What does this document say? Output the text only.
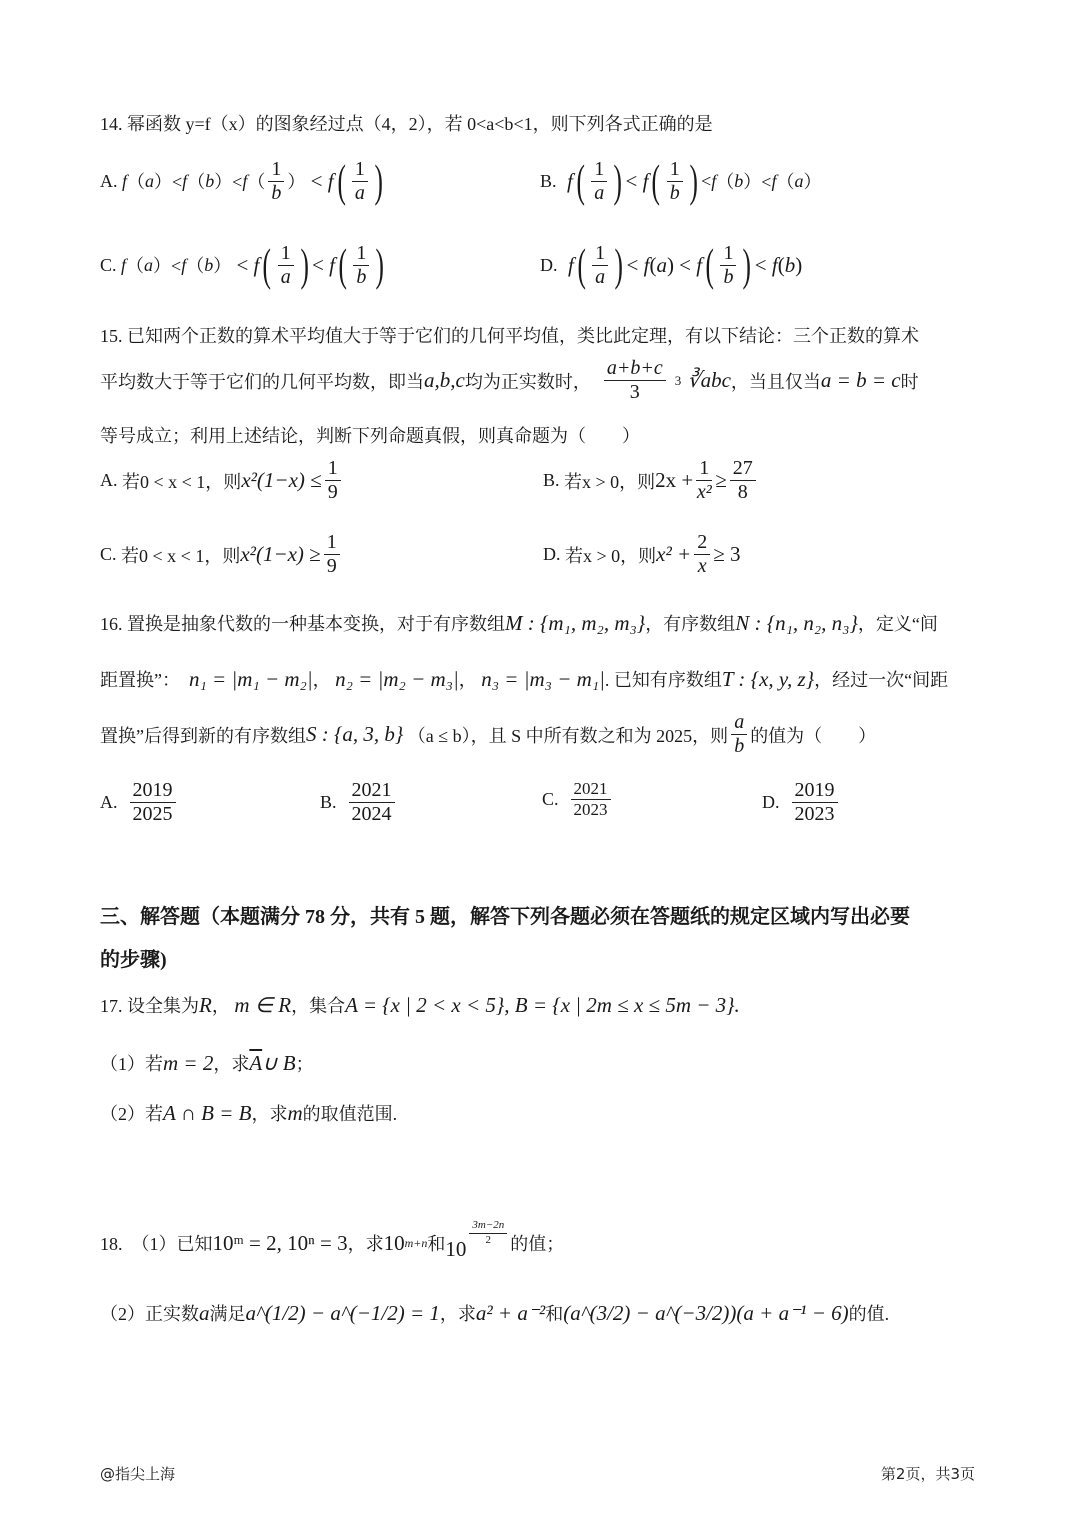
14. 幂函数 y=f（x）的图象经过点（4，2），若 0<a<b<1，则下列各式正确的是
A. f （ a ）< f （ b ）< f （ $\frac{1}{b}$ ） < f ( $\frac{1}{a}$ )	B. f ( $\frac{1}{a}$ ) < f ( $\frac{1}{b}$ ) < f （ b ）< f （ a ）
C. f （ a ）< f （ b ） < f ( $\frac{1}{a}$ ) < f ( $\frac{1}{b}$ )	D. f ( $\frac{1}{a}$ ) < f(a) < f ( $\frac{1}{b}$ ) < f(b)
15. 已知两个正数的算术平均值大于等于它们的几何平均值，类比此定理，有以下结论：三个正数的算术
平均数大于等于它们的几何平均数，即当 a,b,c 均为正实数时， $\frac{a+b+c}{3} 3$ ∛abc ，当且仅当 a = b = c 时
等号成立；利用上述结论，判断下列命题真假，则真命题为（　　）
A.
若0 < x < 1，则 $x^2(1-x) \le \frac{1}{9}$	B.
若x > 0，则 $2x + \frac{1}{\text{x²}} \ge \frac{27}{8}$
C.
若0 < x < 1，则 $x^2(1-x) \ge \frac{1}{9}$	D.
若x > 0，则 $x^2 + \frac{2}{x} \ge 3$
16. 置换是抽象代数的一种基本变换，对于有序数组 M : {m₁, m₂, m₃} ，有序数组 N : {n₁, n₂, n₃} ，定义“间
距置换”：
n₁ = |m₁ − m₂| ， n₂ = |m₂ − m₃| ， n₃ = |m₃ − m₁| . 已知有序数组 T : {x, y, z} ，经过一次“间距
置换”后得到新的有序数组 S : {a, 3, b}
（a ≤ b），且 S 中所有数之和为 2025，则 $\frac{a}{b}$ 的值为（　　）
A.
$\frac{2019}{2025}$	B.
$\frac{2021}{2024}$	C.
$\frac{2021}{2023}$	D.
$\frac{2019}{2023}$
三、解答题（本题满分 78 分，共有 5 题，解答下列各题必须在答题纸的规定区域内写出必要
的步骤)
17. 设全集为 R ，
m ∈ R ，集合 A = {x | 2 < x < 5}, B = {x | 2m ≤ x ≤ 5m − 3}.
（1）若 m = 2 ，求 $\overline{A}$ ∪ B ；
（2）若 A ∩ B = B ，求 m 的取值范围.
18.　（1）已知 10ᵐ = 2, 10ⁿ = 3 ，求 10 m+n 和 10
$\frac{3m-2n}{2}$ 的值；
（2）正实数 a 满足 a^(1/2) − a^(−1/2) = 1 ，求 a² + a⁻² 和 (a^(3/2) − a^(−3/2))(a + a⁻¹ − 6) 的值.
@指尖上海	第2页，共3页
